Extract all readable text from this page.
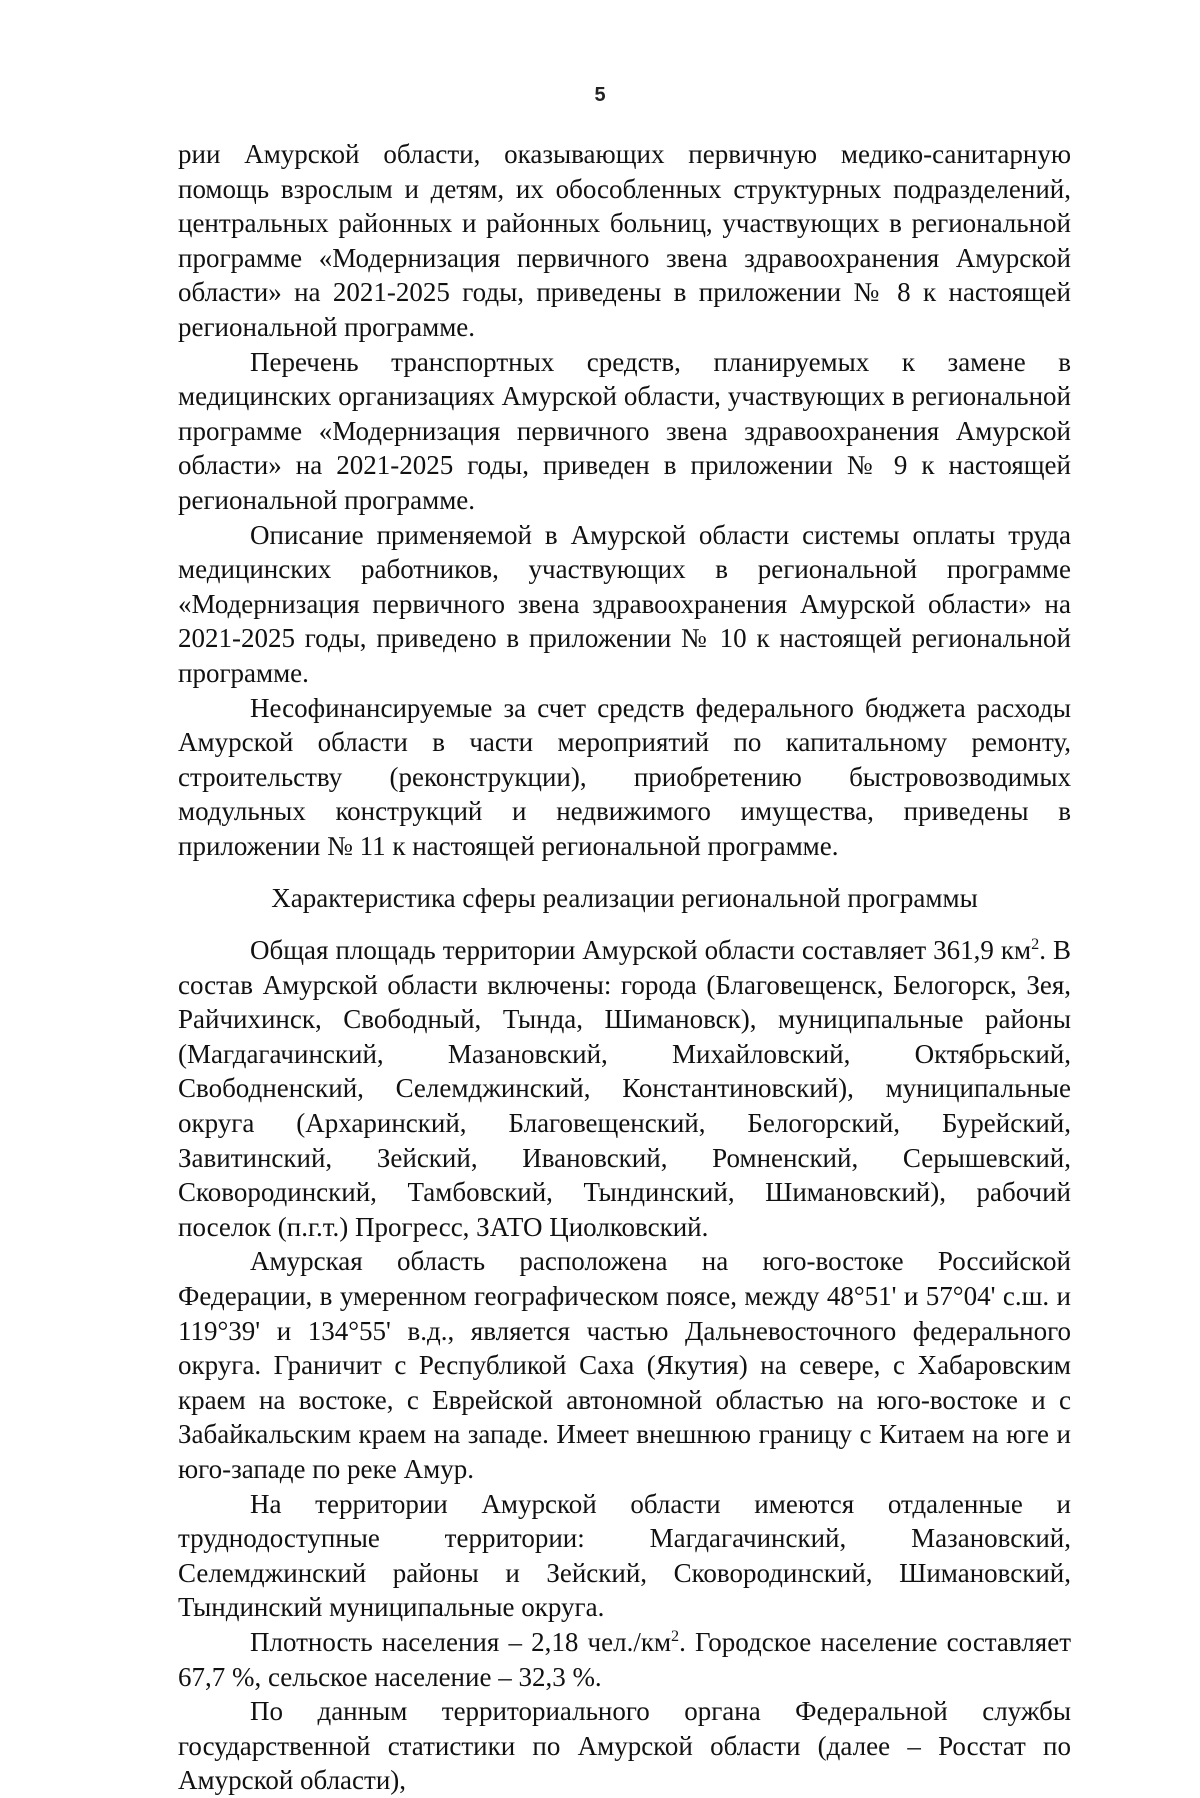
5

рии Амурской области, оказывающих первичную медико-санитарную помощь взрослым и детям, их обособленных структурных подразделений, центральных районных и районных больниц, участвующих в региональной программе «Модернизация первичного звена здравоохранения Амурской области» на 2021-2025 годы, приведены в приложении № 8 к настоящей региональной программе.

Перечень транспортных средств, планируемых к замене в медицинских организациях Амурской области, участвующих в региональной программе «Модернизация первичного звена здравоохранения Амурской области» на 2021-2025 годы, приведен в приложении № 9 к настоящей региональной программе.

Описание применяемой в Амурской области системы оплаты труда медицинских работников, участвующих в региональной программе «Модернизация первичного звена здравоохранения Амурской области» на 2021-2025 годы, приведено в приложении № 10 к настоящей региональной программе.

Несофинансируемые за счет средств федерального бюджета расходы Амурской области в части мероприятий по капитальному ремонту, строительству (реконструкции), приобретению быстровозводимых модульных конструкций и недвижимого имущества, приведены в приложении № 11 к настоящей региональной программе.

Характеристика сферы реализации региональной программы

Общая площадь территории Амурской области составляет 361,9 $км^2$. В состав Амурской области включены: города (Благовещенск, Белогорск, Зея, Райчихинск, Свободный, Тында, Шимановск), муниципальные районы (Магдагачинский, Мазановский, Михайловский, Октябрьский, Свободненский, Селемджинский, Константиновский), муниципальные округа (Архаринский, Благовещенский, Белогорский, Бурейский, Завитинский, Зейский, Ивановский, Ромненский, Серышевский, Сковородинский, Тамбовский, Тындинский, Шимановский), рабочий поселок (п.г.т.) Прогресс, ЗАТО Циолковский.

Амурская область расположена на юго-востоке Российской Федерации, в умеренном географическом поясе, между 48°51' и 57°04' с.ш. и 119°39' и 134°55' в.д., является частью Дальневосточного федерального округа. Граничит с Республикой Саха (Якутия) на севере, с Хабаровским краем на востоке, с Еврейской автономной областью на юго-востоке и с Забайкальским краем на западе. Имеет внешнюю границу с Китаем на юге и юго-западе по реке Амур.

На территории Амурской области имеются отдаленные и труднодоступные территории: Магдагачинский, Мазановский, Селемджинский районы и Зейский, Сковородинский, Шимановский, Тындинский муниципальные округа.

Плотность населения – 2,18 $чел./км^2$. Городское население составляет 67,7 %, сельское население – 32,3 %.

По данным территориального органа Федеральной службы государственной статистики по Амурской области (далее – Росстат по Амурской области),
